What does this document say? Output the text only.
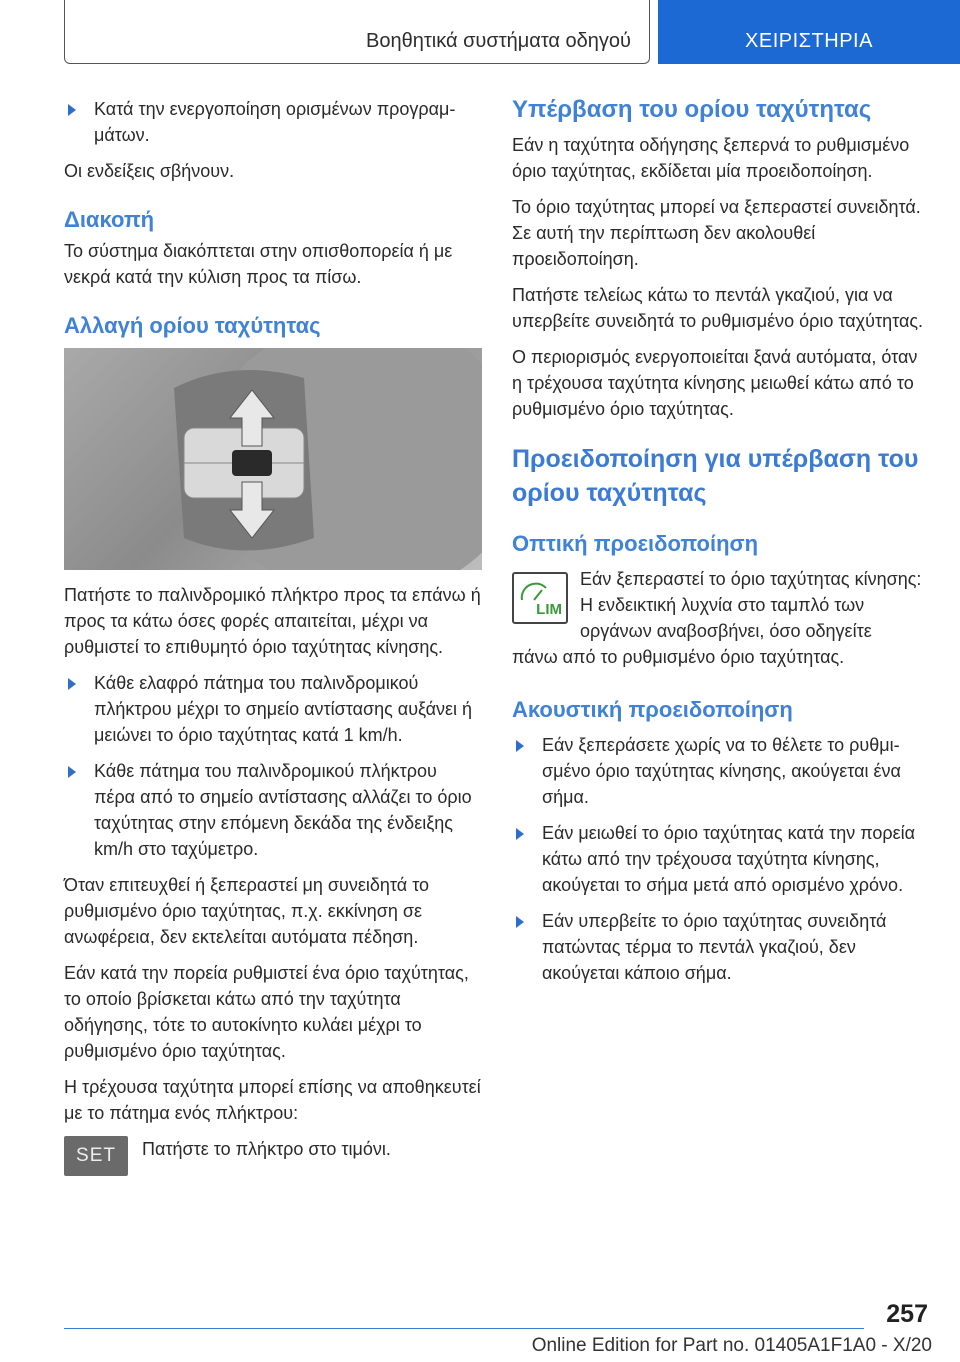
Βοηθητικά συστήματα οδηγού	ΧΕΙΡΙΣΤΗΡΙΑ

Κατά την ενεργοποίηση ορισμένων προγραμμάτων.

Οι ενδείξεις σβήνουν.

Διακοπή

Το σύστημα διακόπτεται στην οπισθοπορεία ή με νεκρά κατά την κύλιση προς τα πίσω.

Αλλαγή ορίου ταχύτητας

Πατήστε το παλινδρομικό πλήκτρο προς τα επάνω ή προς τα κάτω όσες φορές απαιτείται, μέχρι να ρυθμιστεί το επιθυμητό όριο ταχύτητας κίνησης.

Κάθε ελαφρό πάτημα του παλινδρομικού πλήκτρου μέχρι το σημείο αντίστασης αυξάνει ή μειώνει το όριο ταχύτητας κατά 1 km/h.

Κάθε πάτημα του παλινδρομικού πλήκτρου πέρα από το σημείο αντίστασης αλλάζει το όριο ταχύτητας στην επόμενη δεκάδα της ένδειξης km/h στο ταχύμετρο.

Όταν επιτευχθεί ή ξεπεραστεί μη συνειδητά το ρυθμισμένο όριο ταχύτητας, π.χ. εκκίνηση σε ανωφέρεια, δεν εκτελείται αυτόματα πέδηση.

Εάν κατά την πορεία ρυθμιστεί ένα όριο ταχύτητας, το οποίο βρίσκεται κάτω από την ταχύτητα οδήγησης, τότε το αυτοκίνητο κυλάει μέχρι το ρυθμισμένο όριο ταχύτητας.

Η τρέχουσα ταχύτητα μπορεί επίσης να αποθηκευτεί με το πάτημα ενός πλήκτρου:

SET	Πατήστε το πλήκτρο στο τιμόνι.

Υπέρβαση του ορίου ταχύτητας

Εάν η ταχύτητα οδήγησης ξεπερνά το ρυθμισμένο όριο ταχύτητας, εκδίδεται μία προειδοποίηση.

Το όριο ταχύτητας μπορεί να ξεπεραστεί συνειδητά. Σε αυτή την περίπτωση δεν ακολουθεί προειδοποίηση.

Πατήστε τελείως κάτω το πεντάλ γκαζιού, για να υπερβείτε συνειδητά το ρυθμισμένο όριο ταχύτητας.

Ο περιορισμός ενεργοποιείται ξανά αυτόματα, όταν η τρέχουσα ταχύτητα κίνησης μειωθεί κάτω από το ρυθμισμένο όριο ταχύτητας.

Προειδοποίηση για υπέρβαση του ορίου ταχύτητας
Οπτική προειδοποίηση
LIM

Εάν ξεπεραστεί το όριο ταχύτητας κίνησης: Η ενδεικτική λυχνία στο ταμπλό των οργάνων αναβοσβήνει, όσο οδηγείτε

πάνω από το ρυθμισμένο όριο ταχύτητας.

Ακουστική προειδοποίηση

Εάν ξεπεράσετε χωρίς να το θέλετε το ρυθμισμένο όριο ταχύτητας κίνησης, ακούγεται ένα σήμα.

Εάν μειωθεί το όριο ταχύτητας κατά την πορεία κάτω από την τρέχουσα ταχύτητα κίνησης, ακούγεται το σήμα μετά από ορισμένο χρόνο.

Εάν υπερβείτε το όριο ταχύτητας συνειδητά πατώντας τέρμα το πεντάλ γκαζιού, δεν ακούγεται κάποιο σήμα.

257
Online Edition for Part no. 01405A1F1A0 - X/20
